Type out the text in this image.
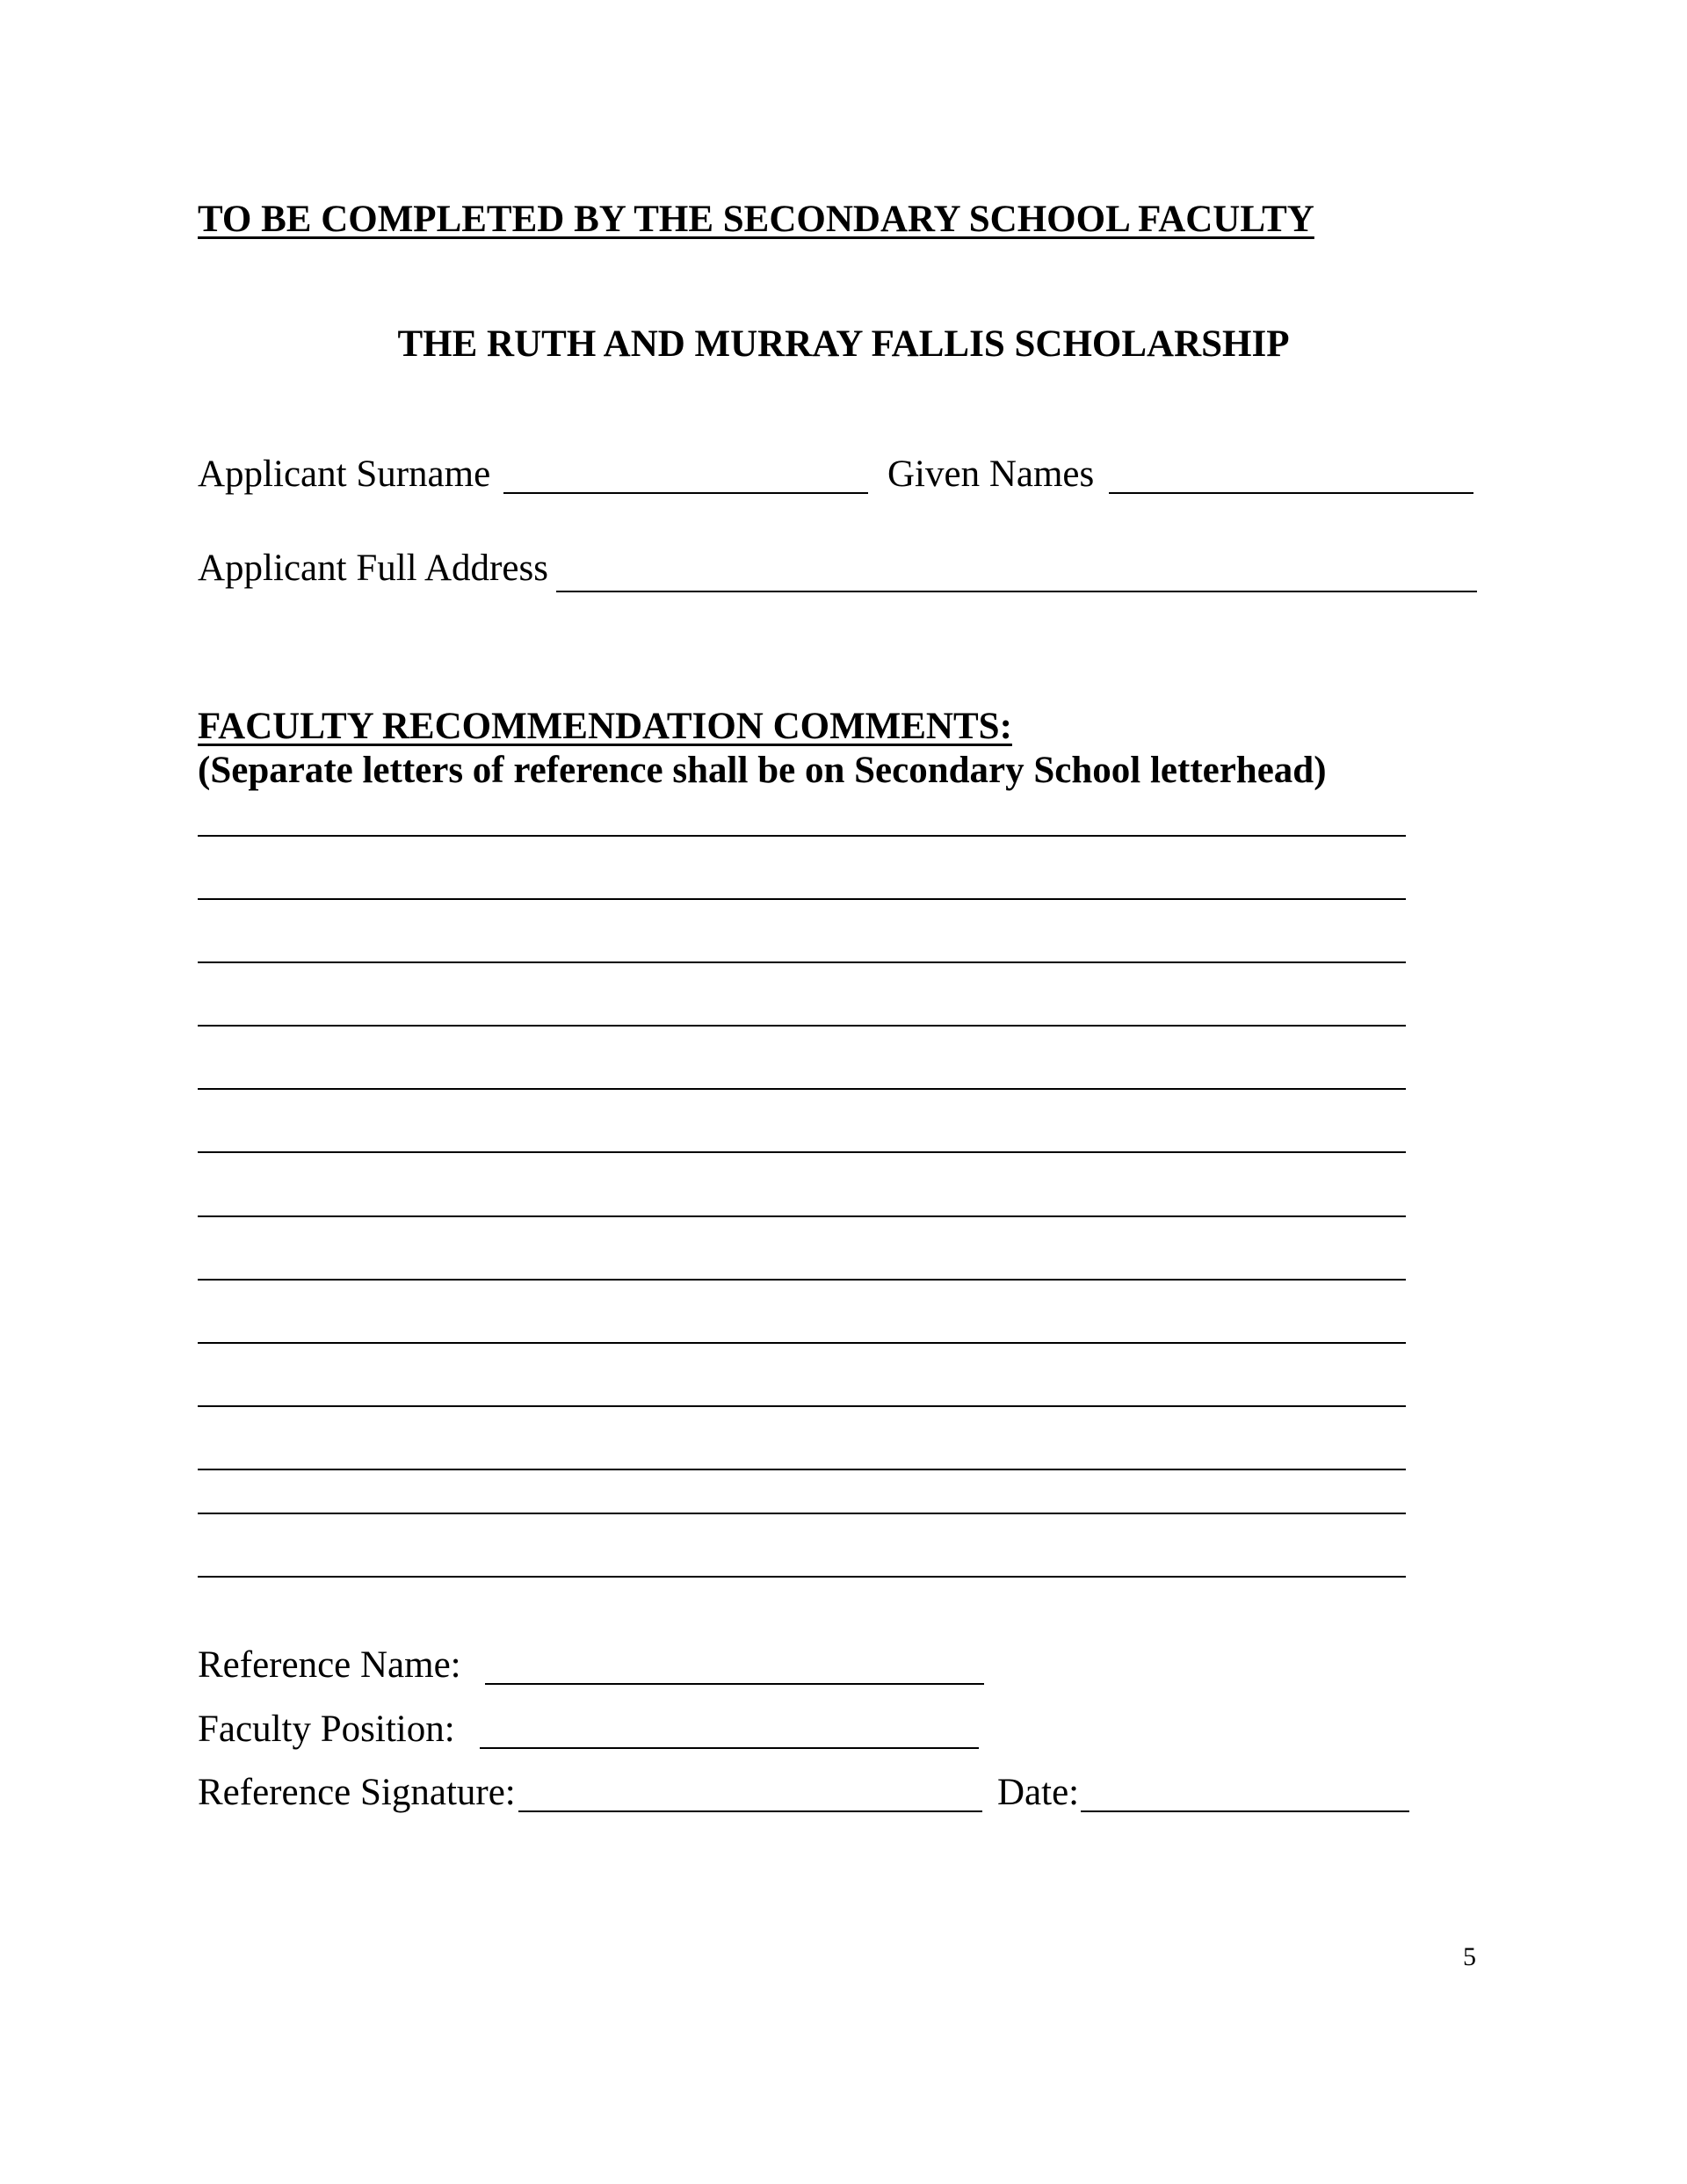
TO BE COMPLETED BY THE SECONDARY SCHOOL FACULTY
THE RUTH AND MURRAY FALLIS SCHOLARSHIP
Applicant Surname	Given Names
Applicant Full Address
FACULTY RECOMMENDATION COMMENTS:
(Separate letters of reference shall be on Secondary School letterhead)
Reference Name:
Faculty Position:
Reference Signature:	Date:
5
